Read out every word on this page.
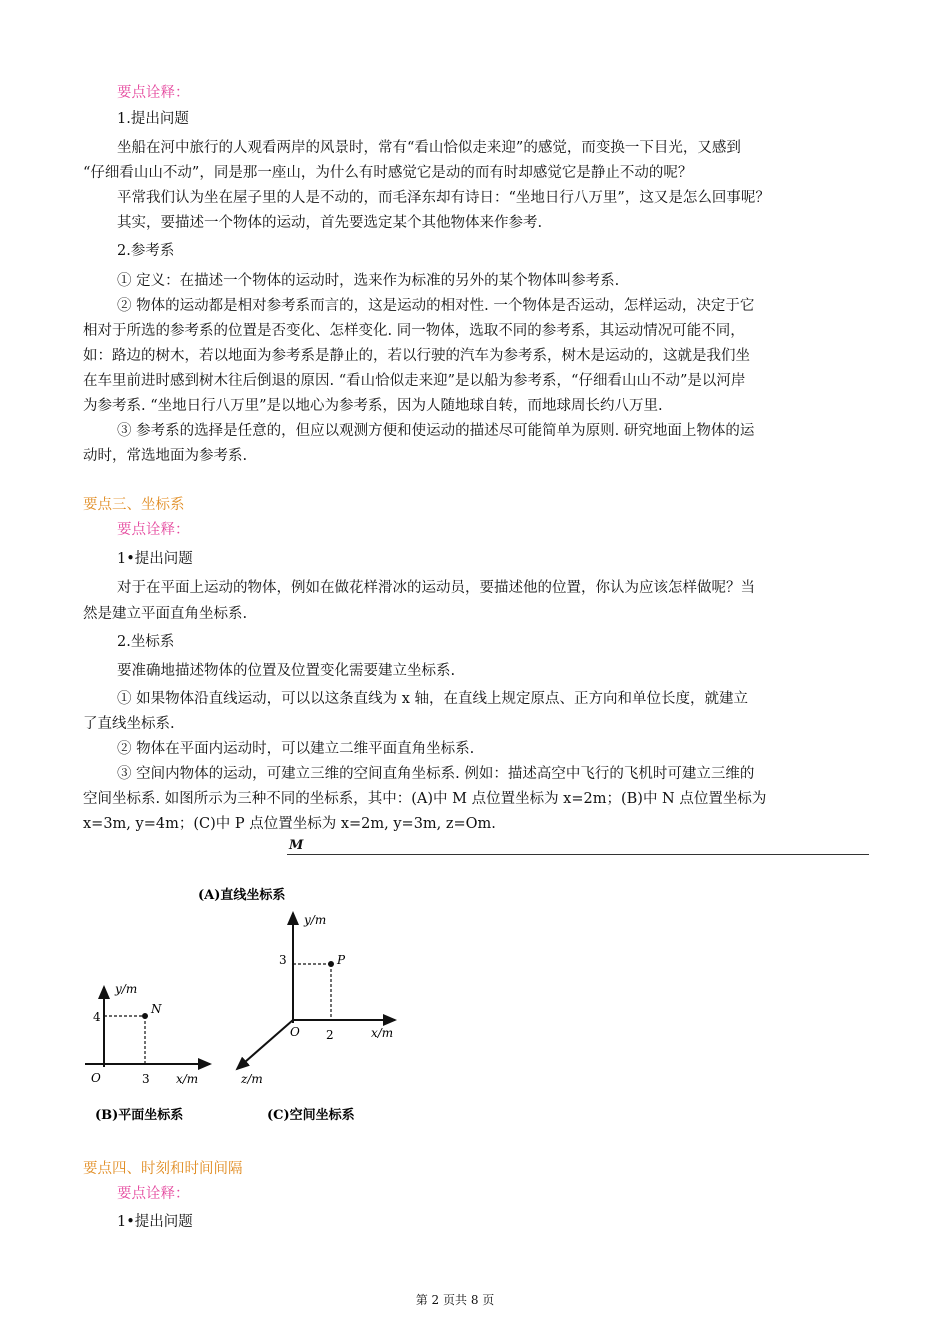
要点诠释：
1.提出问题
坐船在河中旅行的人观看两岸的风景时，常有“看山恰似走来迎”的感觉，而变换一下目光，又感到
“仔细看山山不动”，同是那一座山，为什么有时感觉它是动的而有时却感觉它是静止不动的呢？
平常我们认为坐在屋子里的人是不动的，而毛泽东却有诗日：“坐地日行八万里”，这又是怎么回事呢？
其实，要描述一个物体的运动，首先要选定某个其他物体来作参考.
2.参考系
① 定义：在描述一个物体的运动时，选来作为标准的另外的某个物体叫参考系.
② 物体的运动都是相对参考系而言的，这是运动的相对性. 一个物体是否运动，怎样运动，决定于它
相对于所选的参考系的位置是否变化、怎样变化. 同一物体，选取不同的参考系，其运动情况可能不同，
如：路边的树木，若以地面为参考系是静止的，若以行驶的汽车为参考系，树木是运动的，这就是我们坐
在车里前进时感到树木往后倒退的原因. “看山恰似走来迎”是以船为参考系，“仔细看山山不动”是以河岸
为参考系. “坐地日行八万里”是以地心为参考系，因为人随地球自转，而地球周长约八万里.
③ 参考系的选择是任意的，但应以观测方便和使运动的描述尽可能简单为原则. 研究地面上物体的运
动时，常选地面为参考系.
要点三、坐标系
要点诠释：
1•提出问题
对于在平面上运动的物体，例如在做花样滑冰的运动员，要描述他的位置，你认为应该怎样做呢？当
然是建立平面直角坐标系.
2.坐标系
要准确地描述物体的位置及位置变化需要建立坐标系.
① 如果物体沿直线运动，可以以这条直线为 x 轴，在直线上规定原点、正方向和单位长度，就建立
了直线坐标系.
② 物体在平面内运动时，可以建立二维平面直角坐标系.
③ 空间内物体的运动，可建立三维的空间直角坐标系. 例如：描述高空中飞行的飞机时可建立三维的
空间坐标系. 如图所示为三种不同的坐标系，其中：(A)中 M 点位置坐标为 x=2m；(B)中 N 点位置坐标为
x=3m, y=4m；(C)中 P 点位置坐标为 x=2m, y=3m, z=Om.
M
(A)直线坐标系
y/m
x/m
O
4
3
N
(B)平面坐标系
y/m
x/m
z/m
O
3
2
P
(C)空间坐标系
要点四、时刻和时间间隔
要点诠释：
1•提出问题
第 2 页共 8 页
